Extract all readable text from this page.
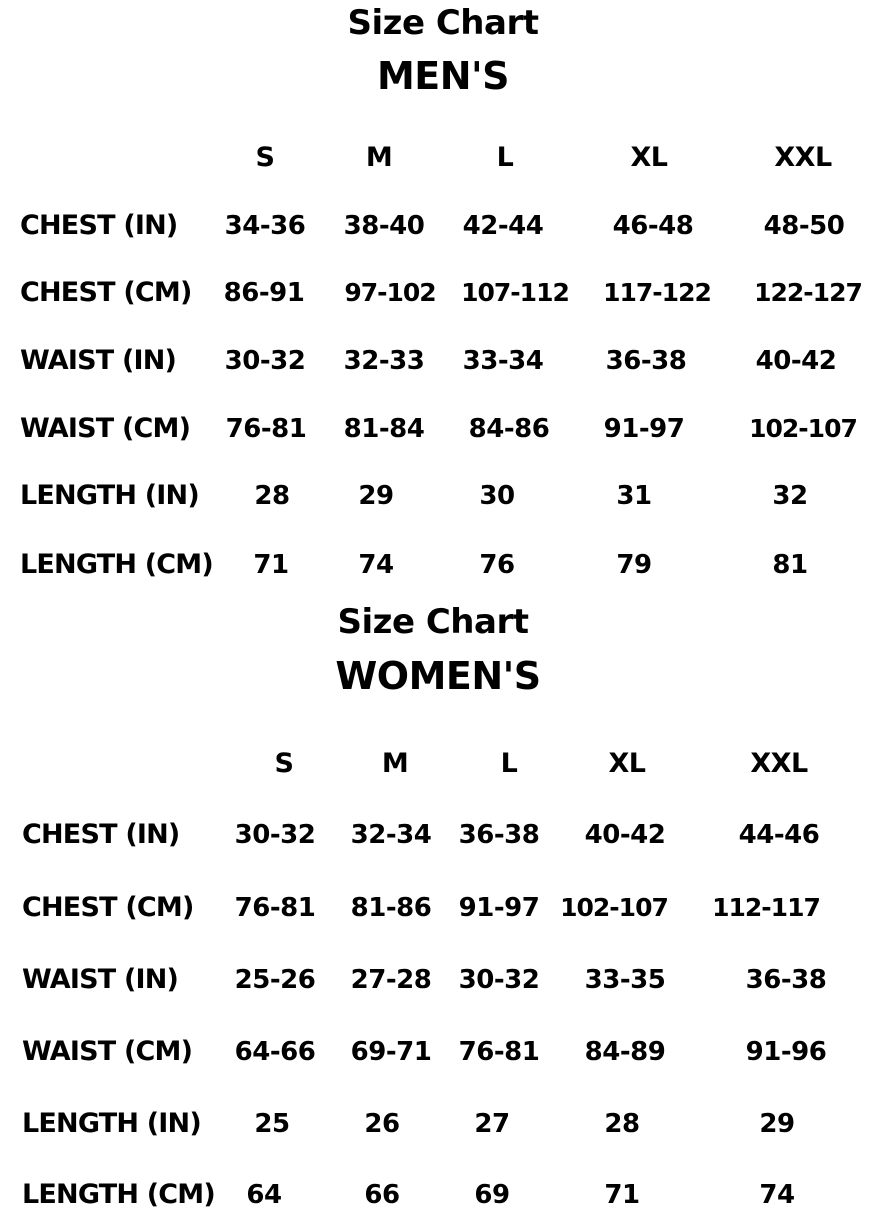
Size Chart
MEN'S
S	M	L	XL	XXL
CHEST (IN) 34-36 38-40 42-44	46-48	48-50
CHEST (CM) 86-91 97-102 107-112 117-122 122-127
WAIST (IN) 30-32 32-33 33-34 36-38	40-42
WAIST (CM) 76-81 81-84 84-86 91-97	102-107
LENGTH (IN) 28	29	30	31	32
LENGTH (CM) 71	74	76	79	81
Size Chart
WOMEN'S
S	M	L	XL	XXL
CHEST (IN) 30-32 32-34 36-38 40-42	44-46
CHEST (CM) 76-81 81-86 91-97 102-107 112-117
WAIST (IN) 25-26 27-28 30-32 33-35	36-38
WAIST (CM) 64-66 69-71 76-81 84-89	91-96
LENGTH (IN) 25	26	27	28	29
LENGTH (CM) 64	66	69	71	74
